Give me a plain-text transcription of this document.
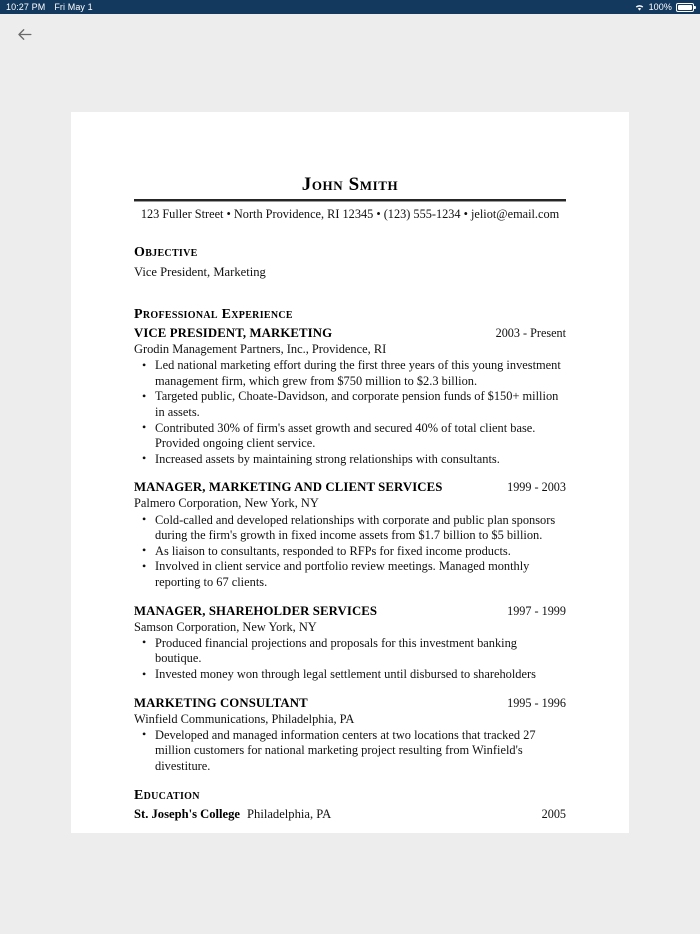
10:27 PM Fri May 1	100%
John Smith
123 Fuller Street • North Providence, RI 12345 • (123) 555-1234 • jeliot@email.com
Objective
Vice President, Marketing
Professional Experience
VICE PRESIDENT, MARKETING	2003 - Present
Grodin Management Partners, Inc., Providence, RI
• Led national marketing effort during the first three years of this young investment management firm, which grew from $750 million to $2.3 billion.
• Targeted public, Choate-Davidson, and corporate pension funds of $150+ million in assets.
• Contributed 30% of firm's asset growth and secured 40% of total client base. Provided ongoing client service.
• Increased assets by maintaining strong relationships with consultants.
MANAGER, MARKETING AND CLIENT SERVICES	1999 - 2003
Palmero Corporation, New York, NY
• Cold-called and developed relationships with corporate and public plan sponsors during the firm's growth in fixed income assets from $1.7 billion to $5 billion.
• As liaison to consultants, responded to RFPs for fixed income products.
• Involved in client service and portfolio review meetings. Managed monthly reporting to 67 clients.
MANAGER, SHAREHOLDER SERVICES	1997 - 1999
Samson Corporation, New York, NY
• Produced financial projections and proposals for this investment banking boutique.
• Invested money won through legal settlement until disbursed to shareholders
MARKETING CONSULTANT	1995 - 1996
Winfield Communications, Philadelphia, PA
• Developed and managed information centers at two locations that tracked 27 million customers for national marketing project resulting from Winfield's divestiture.
Education
St. Joseph's College Philadelphia, PA	2005
